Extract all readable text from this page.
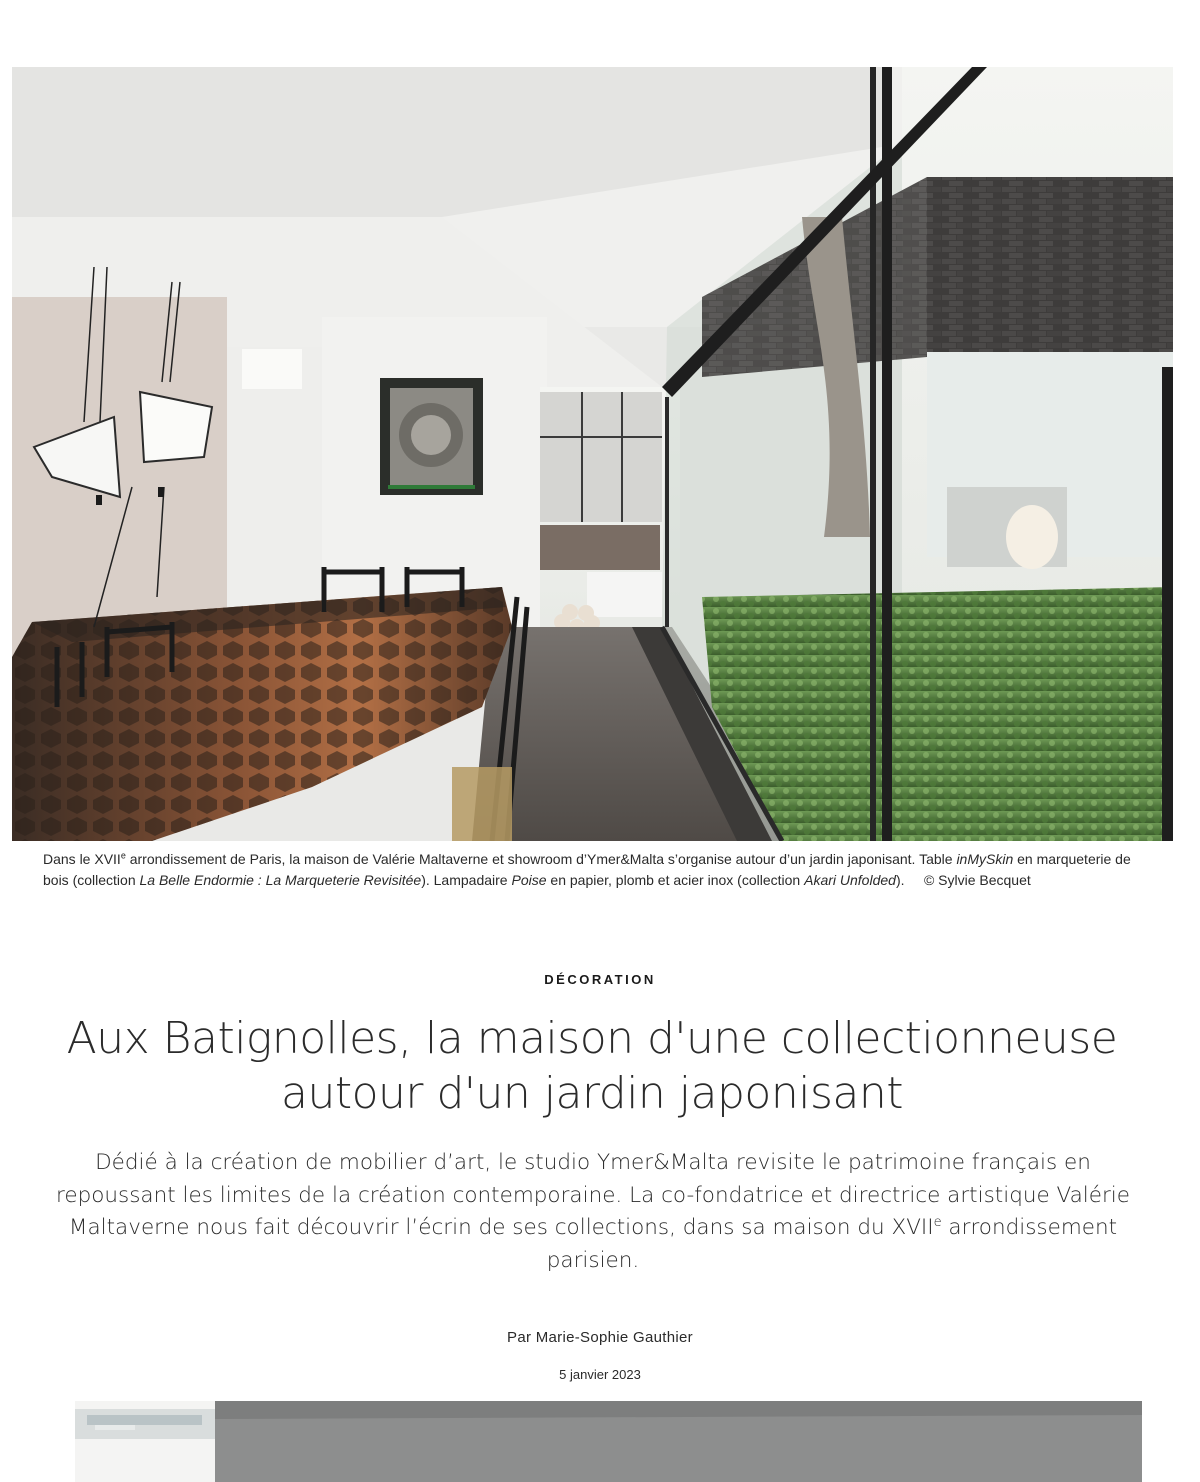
Dans le XVIIe arrondissement de Paris, la maison de Valérie Maltaverne et showroom d’Ymer&Malta s’organise autour d’un jardin japonisant. Table inMySkin en marqueterie de bois (collection La Belle Endormie : La Marqueterie Revisitée). Lampadaire Poise en papier, plomb et acier inox (collection Akari Unfolded). © Sylvie Becquet

DÉCORATION
Aux Batignolles, la maison d'une collectionneuse autour d'un jardin japonisant

Dédié à la création de mobilier d’art, le studio Ymer&Malta revisite le patrimoine français en repoussant les limites de la création contemporaine. La co-fondatrice et directrice artistique Valérie Maltaverne nous fait découvrir l’écrin de ses collections, dans sa maison du XVIIe arrondissement parisien.

Par Marie-Sophie Gauthier
5 janvier 2023
